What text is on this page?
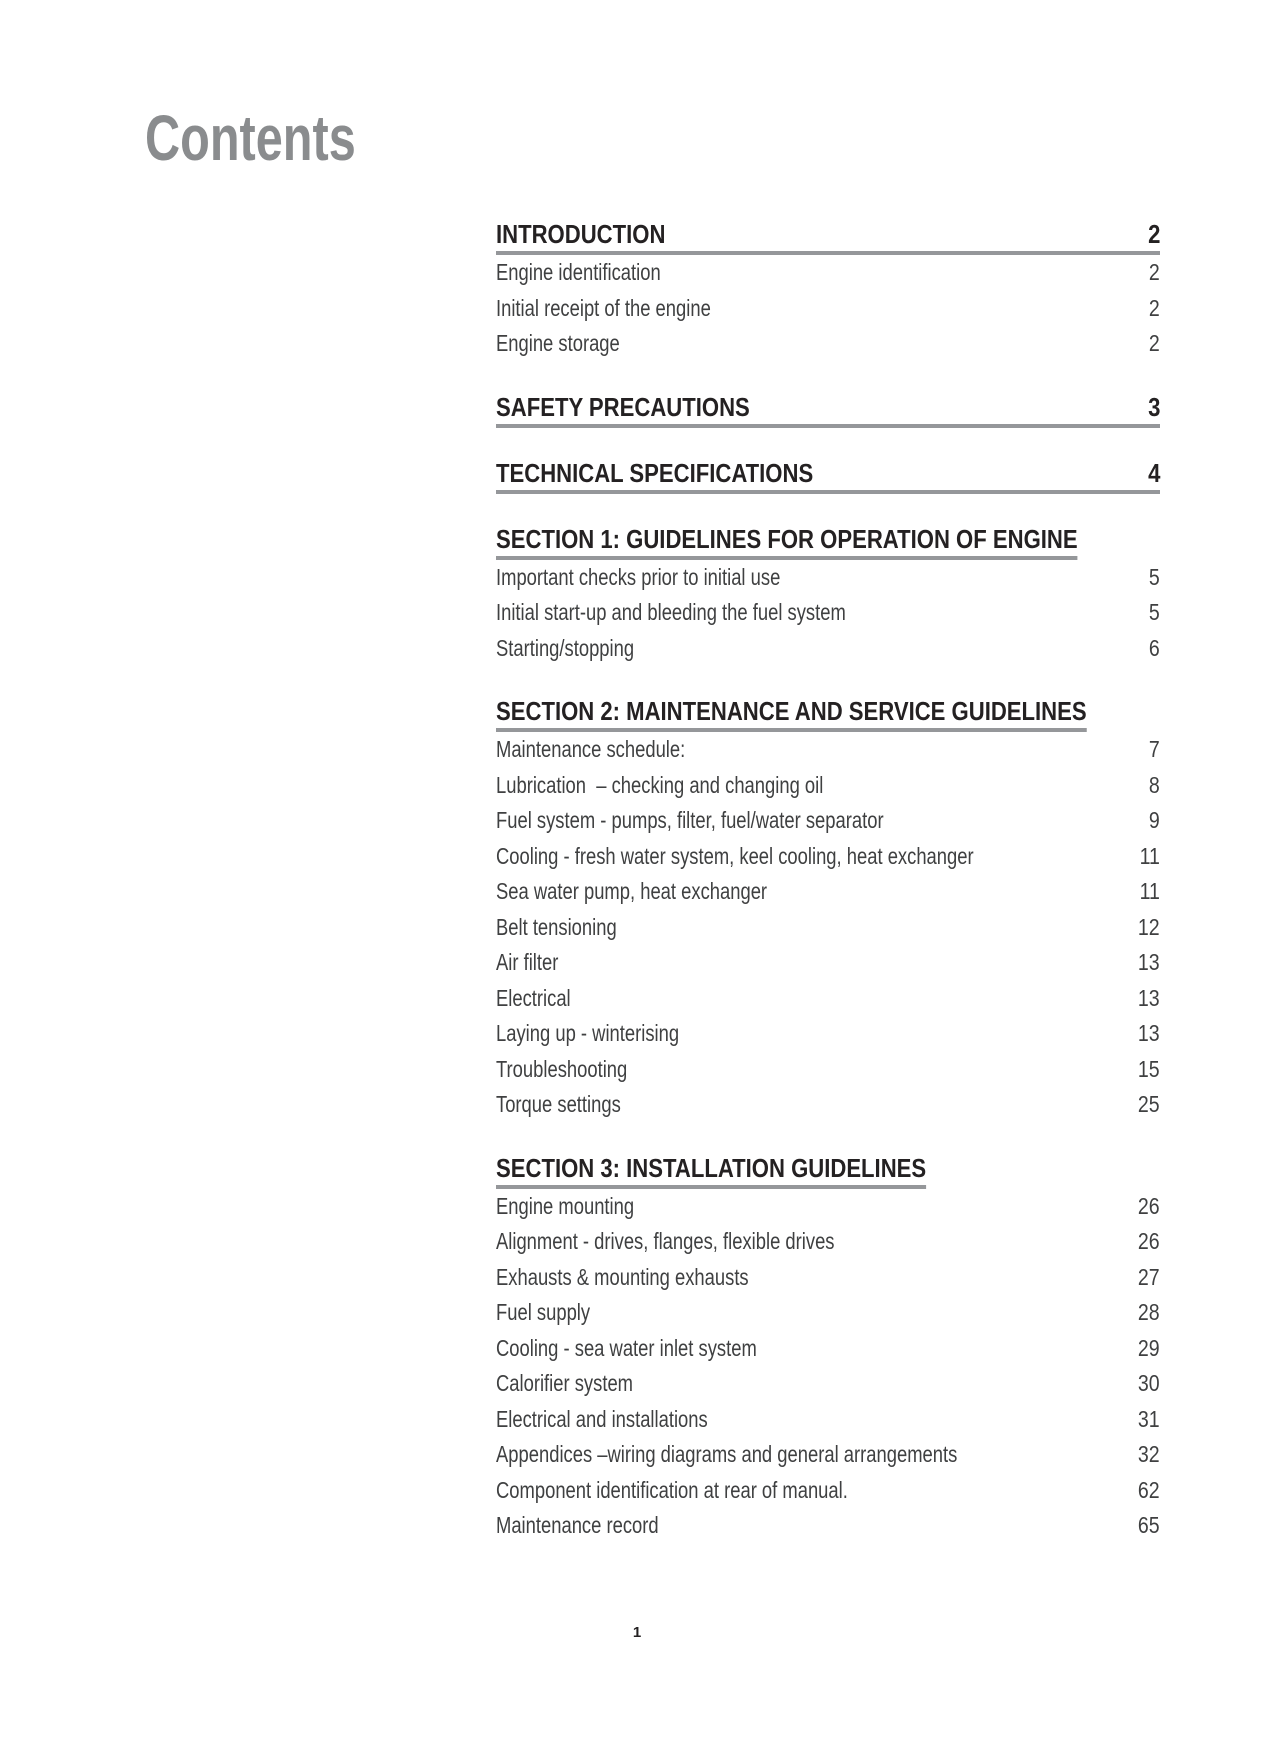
Contents
INTRODUCTION	2
Engine identification	2
Initial receipt of the engine	2
Engine storage	2
SAFETY PRECAUTIONS	3
TECHNICAL SPECIFICATIONS	4
SECTION 1: GUIDELINES FOR OPERATION OF ENGINE
Important checks prior to initial use	5
Initial start-up and bleeding the fuel system	5
Starting/stopping	6
SECTION 2: MAINTENANCE AND SERVICE GUIDELINES
Maintenance schedule:	7
Lubrication  – checking and changing oil	8
Fuel system - pumps, filter, fuel/water separator	9
Cooling - fresh water system, keel cooling, heat exchanger	11
Sea water pump, heat exchanger	11
Belt tensioning	12
Air filter	13
Electrical	13
Laying up - winterising	13
Troubleshooting	15
Torque settings	25
SECTION 3: INSTALLATION GUIDELINES
Engine mounting	26
Alignment - drives, flanges, flexible drives	26
Exhausts & mounting exhausts	27
Fuel supply	28
Cooling - sea water inlet system	29
Calorifier system	30
Electrical and installations	31
Appendices –wiring diagrams and general arrangements	32
Component identification at rear of manual.	62
Maintenance record	65
1
